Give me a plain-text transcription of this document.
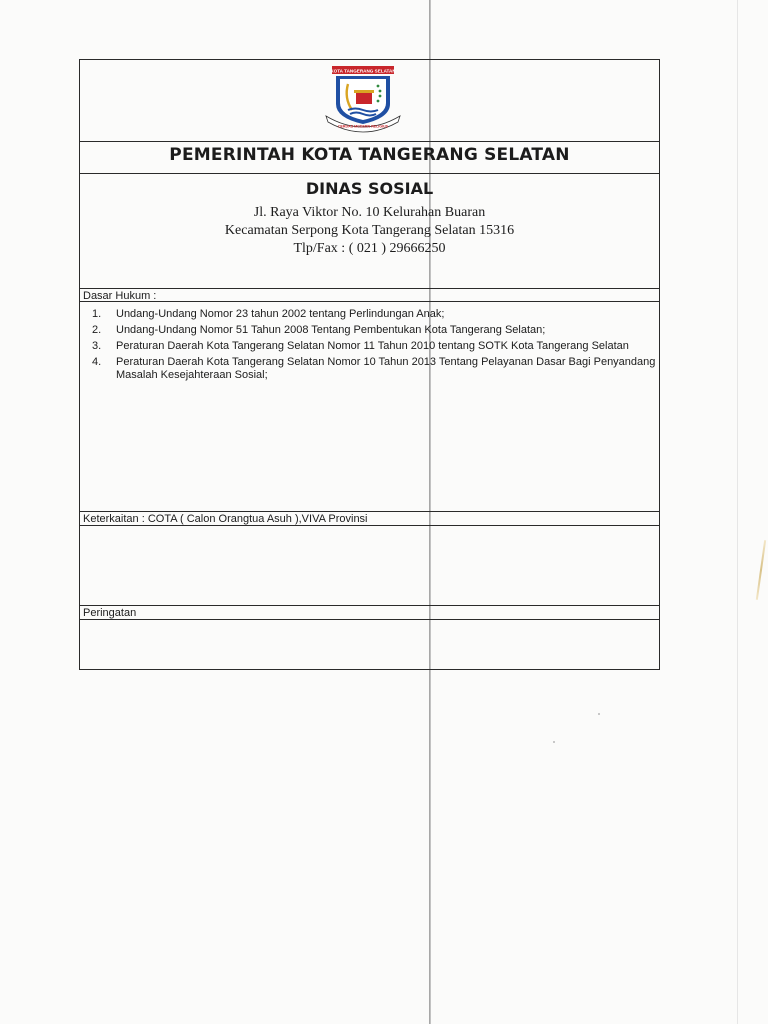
KOTA TANGERANG SELATAN
CERDAS MODERN RELIGIUS
PEMERINTAH KOTA TANGERANG SELATAN
DINAS SOSIAL
Jl. Raya Viktor No. 10 Kelurahan Buaran
Kecamatan Serpong Kota Tangerang Selatan 15316
Tlp/Fax : ( 021 ) 29666250
Dasar Hukum :
1. Undang-Undang Nomor 23 tahun 2002 tentang Perlindungan Anak;
2. Undang-Undang Nomor 51 Tahun 2008 Tentang Pembentukan Kota Tangerang Selatan;
3. Peraturan Daerah Kota Tangerang Selatan Nomor 11 Tahun 2010 tentang SOTK Kota Tangerang Selatan
4. Peraturan Daerah Kota Tangerang Selatan Nomor 10 Tahun 2013 Tentang Pelayanan Dasar Bagi Penyandang Masalah Kesejahteraan Sosial;
Keterkaitan : COTA ( Calon Orangtua Asuh ),VIVA Provinsi
Peringatan
